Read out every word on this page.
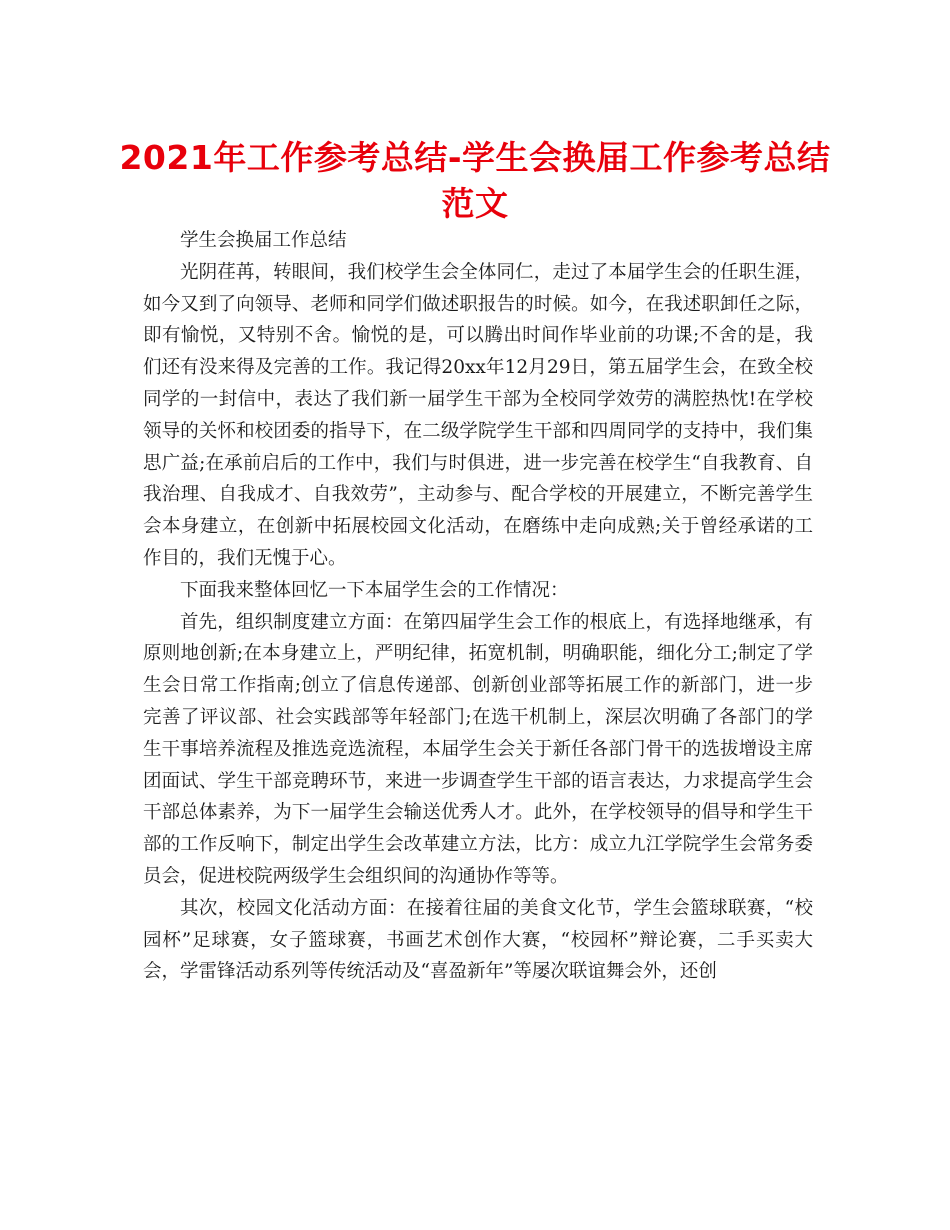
2021年工作参考总结-学生会换届工作参考总结
范文

学生会换届工作总结

光阴荏苒，转眼间，我们校学生会全体同仁，走过了本届学生会的任职生涯，如今又到了向领导、老师和同学们做述职报告的时候。如今，在我述职卸任之际，即有愉悦，又特别不舍。愉悦的是，可以腾出时间作毕业前的功课;不舍的是，我们还有没来得及完善的工作。我记得20xx年12月29日，第五届学生会，在致全校同学的一封信中，表达了我们新一届学生干部为全校同学效劳的满腔热忱!在学校领导的关怀和校团委的指导下，在二级学院学生干部和四周同学的支持中，我们集思广益;在承前启后的工作中，我们与时俱进，进一步完善在校学生“自我教育、自我治理、自我成才、自我效劳”，主动参与、配合学校的开展建立，不断完善学生会本身建立，在创新中拓展校园文化活动，在磨练中走向成熟;关于曾经承诺的工作目的，我们无愧于心。

下面我来整体回忆一下本届学生会的工作情况：

首先，组织制度建立方面：在第四届学生会工作的根底上，有选择地继承，有原则地创新;在本身建立上，严明纪律，拓宽机制，明确职能，细化分工;制定了学生会日常工作指南;创立了信息传递部、创新创业部等拓展工作的新部门，进一步完善了评议部、社会实践部等年轻部门;在选干机制上，深层次明确了各部门的学生干事培养流程及推选竞选流程，本届学生会关于新任各部门骨干的选拔增设主席团面试、学生干部竞聘环节，来进一步调查学生干部的语言表达，力求提高学生会干部总体素养，为下一届学生会输送优秀人才。此外，在学校领导的倡导和学生干部的工作反响下，制定出学生会改革建立方法，比方：成立九江学院学生会常务委员会，促进校院两级学生会组织间的沟通协作等等。

其次，校园文化活动方面：在接着往届的美食文化节，学生会篮球联赛，“校园杯”足球赛，女子篮球赛，书画艺术创作大赛，“校园杯”辩论赛，二手买卖大会，学雷锋活动系列等传统活动及“喜盈新年”等屡次联谊舞会外，还创
